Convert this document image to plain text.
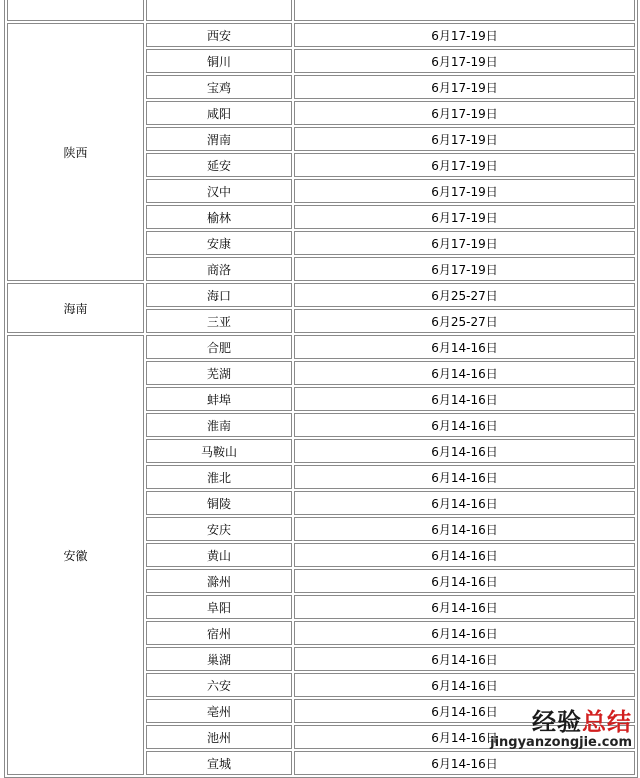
陕西	西安	6月17-19日
	铜川	6月17-19日
	宝鸡	6月17-19日
	咸阳	6月17-19日
	渭南	6月17-19日
	延安	6月17-19日
	汉中	6月17-19日
	榆林	6月17-19日
	安康	6月17-19日
	商洛	6月17-19日
海南	海口	6月25-27日
	三亚	6月25-27日
安徽	合肥	6月14-16日
	芜湖	6月14-16日
	蚌埠	6月14-16日
	淮南	6月14-16日
	马鞍山	6月14-16日
	淮北	6月14-16日
	铜陵	6月14-16日
	安庆	6月14-16日
	黄山	6月14-16日
	滁州	6月14-16日
	阜阳	6月14-16日
	宿州	6月14-16日
	巢湖	6月14-16日
	六安	6月14-16日
	亳州	6月14-16日
	池州	6月14-16日
	宣城	6月14-16日
经验总结
jingyanzongjie.com
